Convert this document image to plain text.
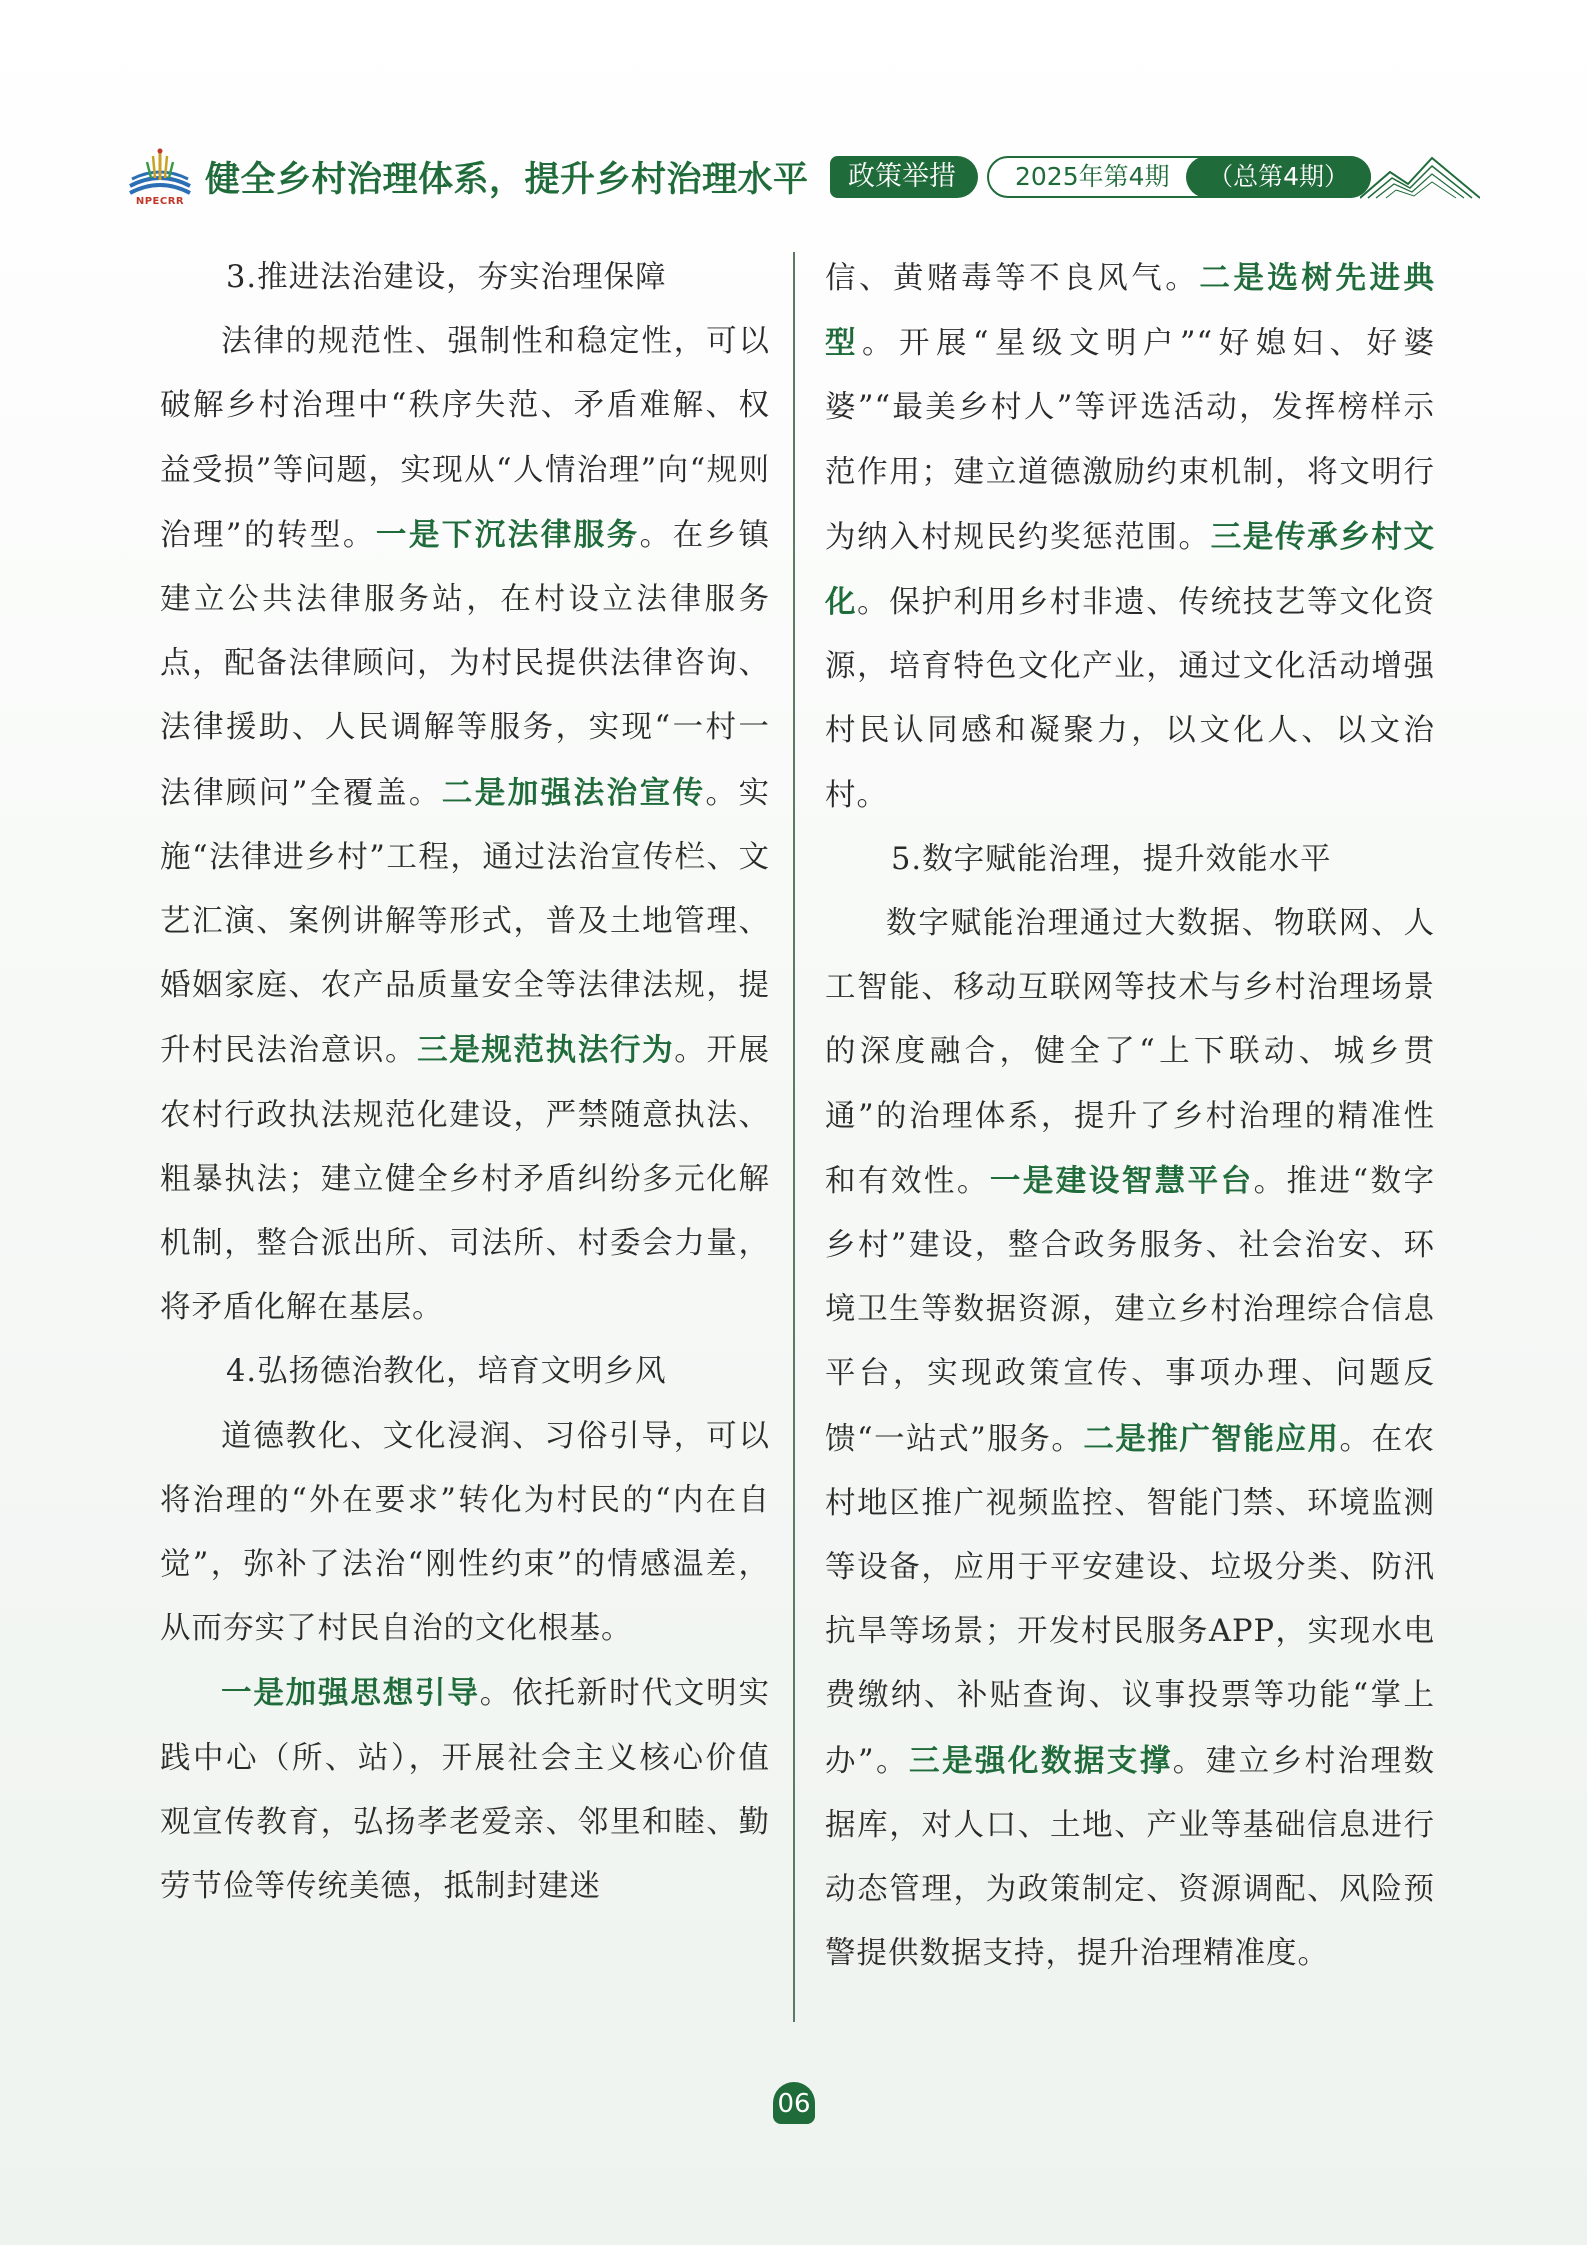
NPECRR
健全乡村治理体系，提升乡村治理水平	政策举措	2025年第4期	（总第4期）

3.推进法治建设，夯实治理保障

法律的规范性、强制性和稳定性，可以破解乡村治理中“秩序失范、矛盾难解、权益受损”等问题，实现从“人情治理”向“规则治理”的转型。一是下沉法律服务。在乡镇建立公共法律服务站，在村设立法律服务点，配备法律顾问，为村民提供法律咨询、法律援助、人民调解等服务，实现“一村一法律顾问”全覆盖。二是加强法治宣传。实施“法律进乡村”工程，通过法治宣传栏、文艺汇演、案例讲解等形式，普及土地管理、婚姻家庭、农产品质量安全等法律法规，提升村民法治意识。三是规范执法行为。开展农村行政执法规范化建设，严禁随意执法、粗暴执法；建立健全乡村矛盾纠纷多元化解机制，整合派出所、司法所、村委会力量，将矛盾化解在基层。

4.弘扬德治教化，培育文明乡风

道德教化、文化浸润、习俗引导，可以将治理的“外在要求”转化为村民的“内在自觉”，弥补了法治“刚性约束”的情感温差，从而夯实了村民自治的文化根基。

一是加强思想引导。依托新时代文明实践中心（所、站），开展社会主义核心价值观宣传教育，弘扬孝老爱亲、邻里和睦、勤劳节俭等传统美德，抵制封建迷

信、黄赌毒等不良风气。二是选树先进典型。开展“星级文明户”“好媳妇、好婆婆”“最美乡村人”等评选活动，发挥榜样示范作用；建立道德激励约束机制，将文明行为纳入村规民约奖惩范围。三是传承乡村文化。保护利用乡村非遗、传统技艺等文化资源，培育特色文化产业，通过文化活动增强村民认同感和凝聚力，以文化人、以文治村。

5.数字赋能治理，提升效能水平

数字赋能治理通过大数据、物联网、人工智能、移动互联网等技术与乡村治理场景的深度融合，健全了“上下联动、城乡贯通”的治理体系，提升了乡村治理的精准性和有效性。一是建设智慧平台。推进“数字乡村”建设，整合政务服务、社会治安、环境卫生等数据资源，建立乡村治理综合信息平台，实现政策宣传、事项办理、问题反馈“一站式”服务。二是推广智能应用。在农村地区推广视频监控、智能门禁、环境监测等设备，应用于平安建设、垃圾分类、防汛抗旱等场景；开发村民服务APP，实现水电费缴纳、补贴查询、议事投票等功能“掌上办”。三是强化数据支撑。建立乡村治理数据库，对人口、土地、产业等基础信息进行动态管理，为政策制定、资源调配、风险预警提供数据支持，提升治理精准度。

06
